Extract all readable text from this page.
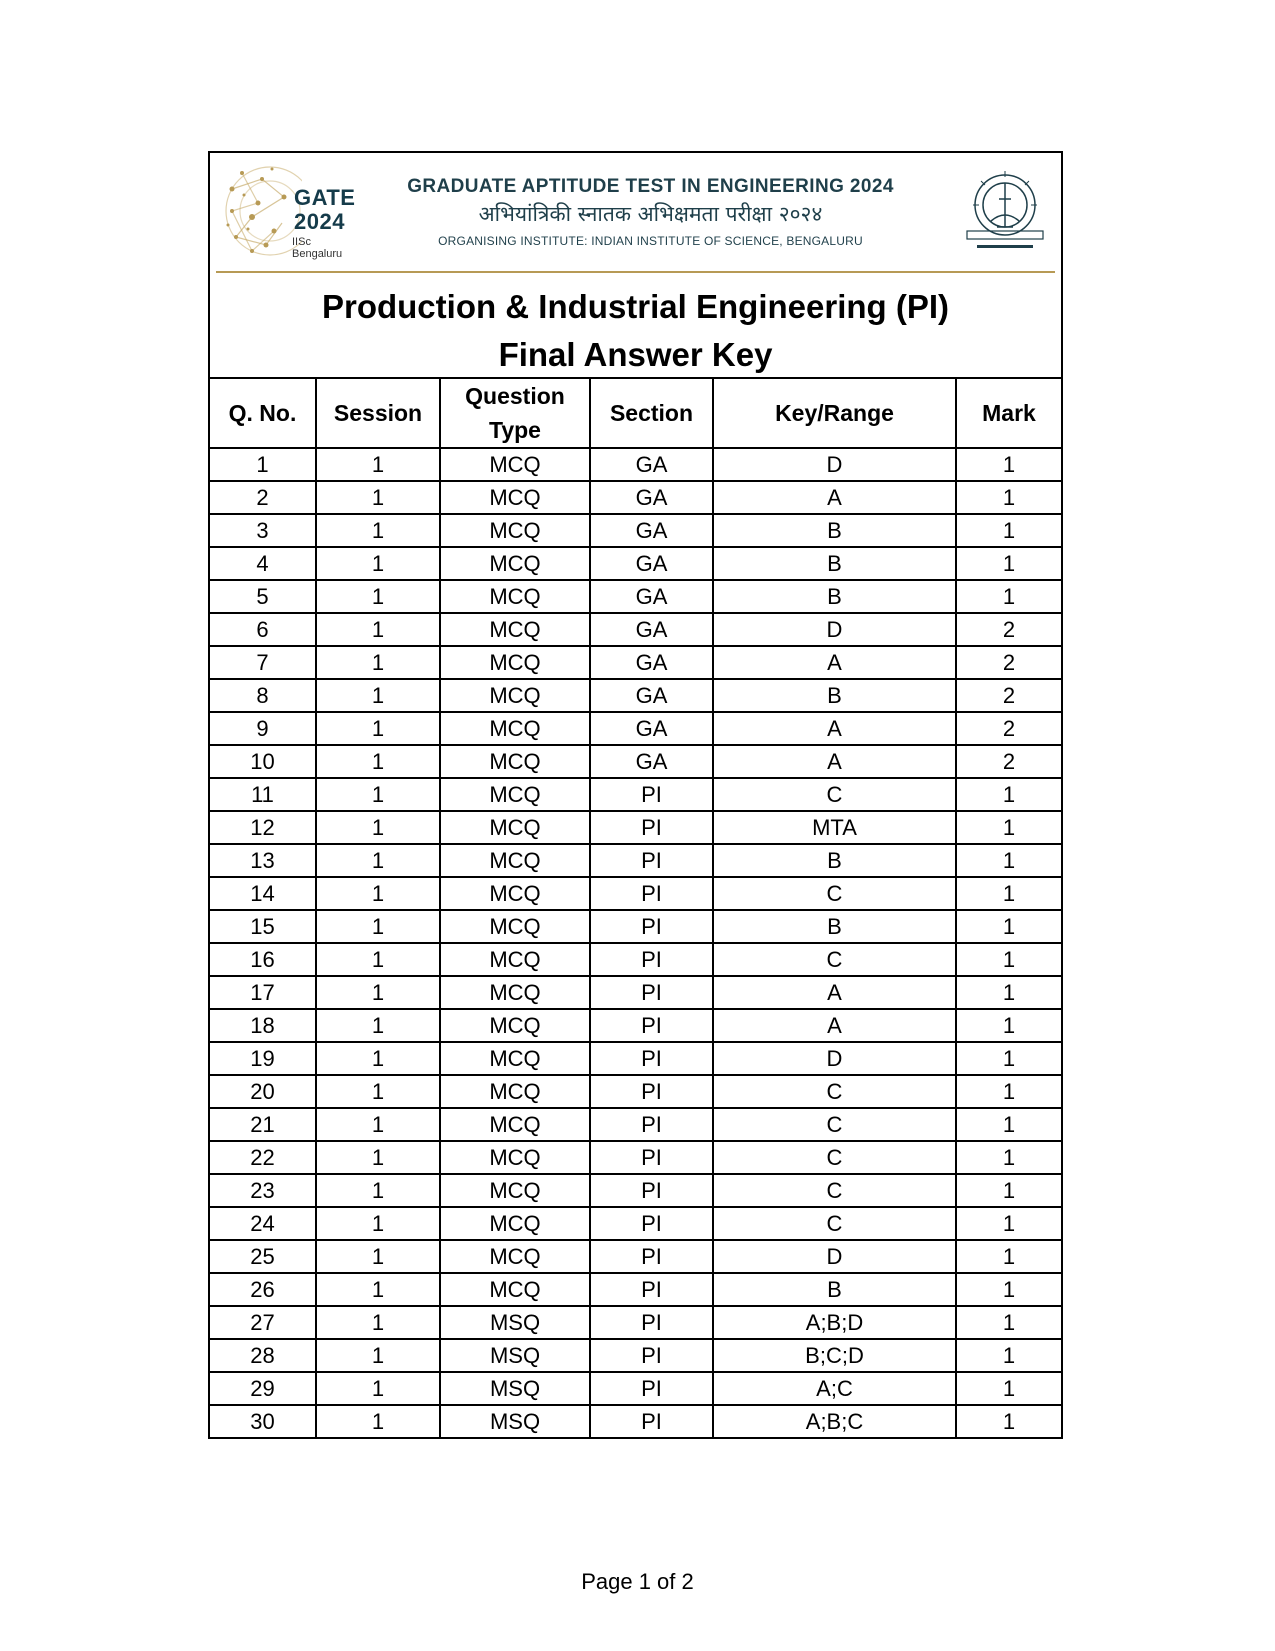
GATE
2024
IISc Bengaluru
GRADUATE APTITUDE TEST IN ENGINEERING 2024
अभियांत्रिकी स्नातक अभिक्षमता परीक्षा २०२४
ORGANISING INSTITUTE: INDIAN INSTITUTE OF SCIENCE, BENGALURU
Production & Industrial Engineering (PI)
Final Answer Key
Q. No.	Session	Question Type	Section	Key/Range	Mark
1	1	MCQ	GA	D	1
2	1	MCQ	GA	A	1
3	1	MCQ	GA	B	1
4	1	MCQ	GA	B	1
5	1	MCQ	GA	B	1
6	1	MCQ	GA	D	2
7	1	MCQ	GA	A	2
8	1	MCQ	GA	B	2
9	1	MCQ	GA	A	2
10	1	MCQ	GA	A	2
11	1	MCQ	PI	C	1
12	1	MCQ	PI	MTA	1
13	1	MCQ	PI	B	1
14	1	MCQ	PI	C	1
15	1	MCQ	PI	B	1
16	1	MCQ	PI	C	1
17	1	MCQ	PI	A	1
18	1	MCQ	PI	A	1
19	1	MCQ	PI	D	1
20	1	MCQ	PI	C	1
21	1	MCQ	PI	C	1
22	1	MCQ	PI	C	1
23	1	MCQ	PI	C	1
24	1	MCQ	PI	C	1
25	1	MCQ	PI	D	1
26	1	MCQ	PI	B	1
27	1	MSQ	PI	A;B;D	1
28	1	MSQ	PI	B;C;D	1
29	1	MSQ	PI	A;C	1
30	1	MSQ	PI	A;B;C	1
Page 1 of 2
